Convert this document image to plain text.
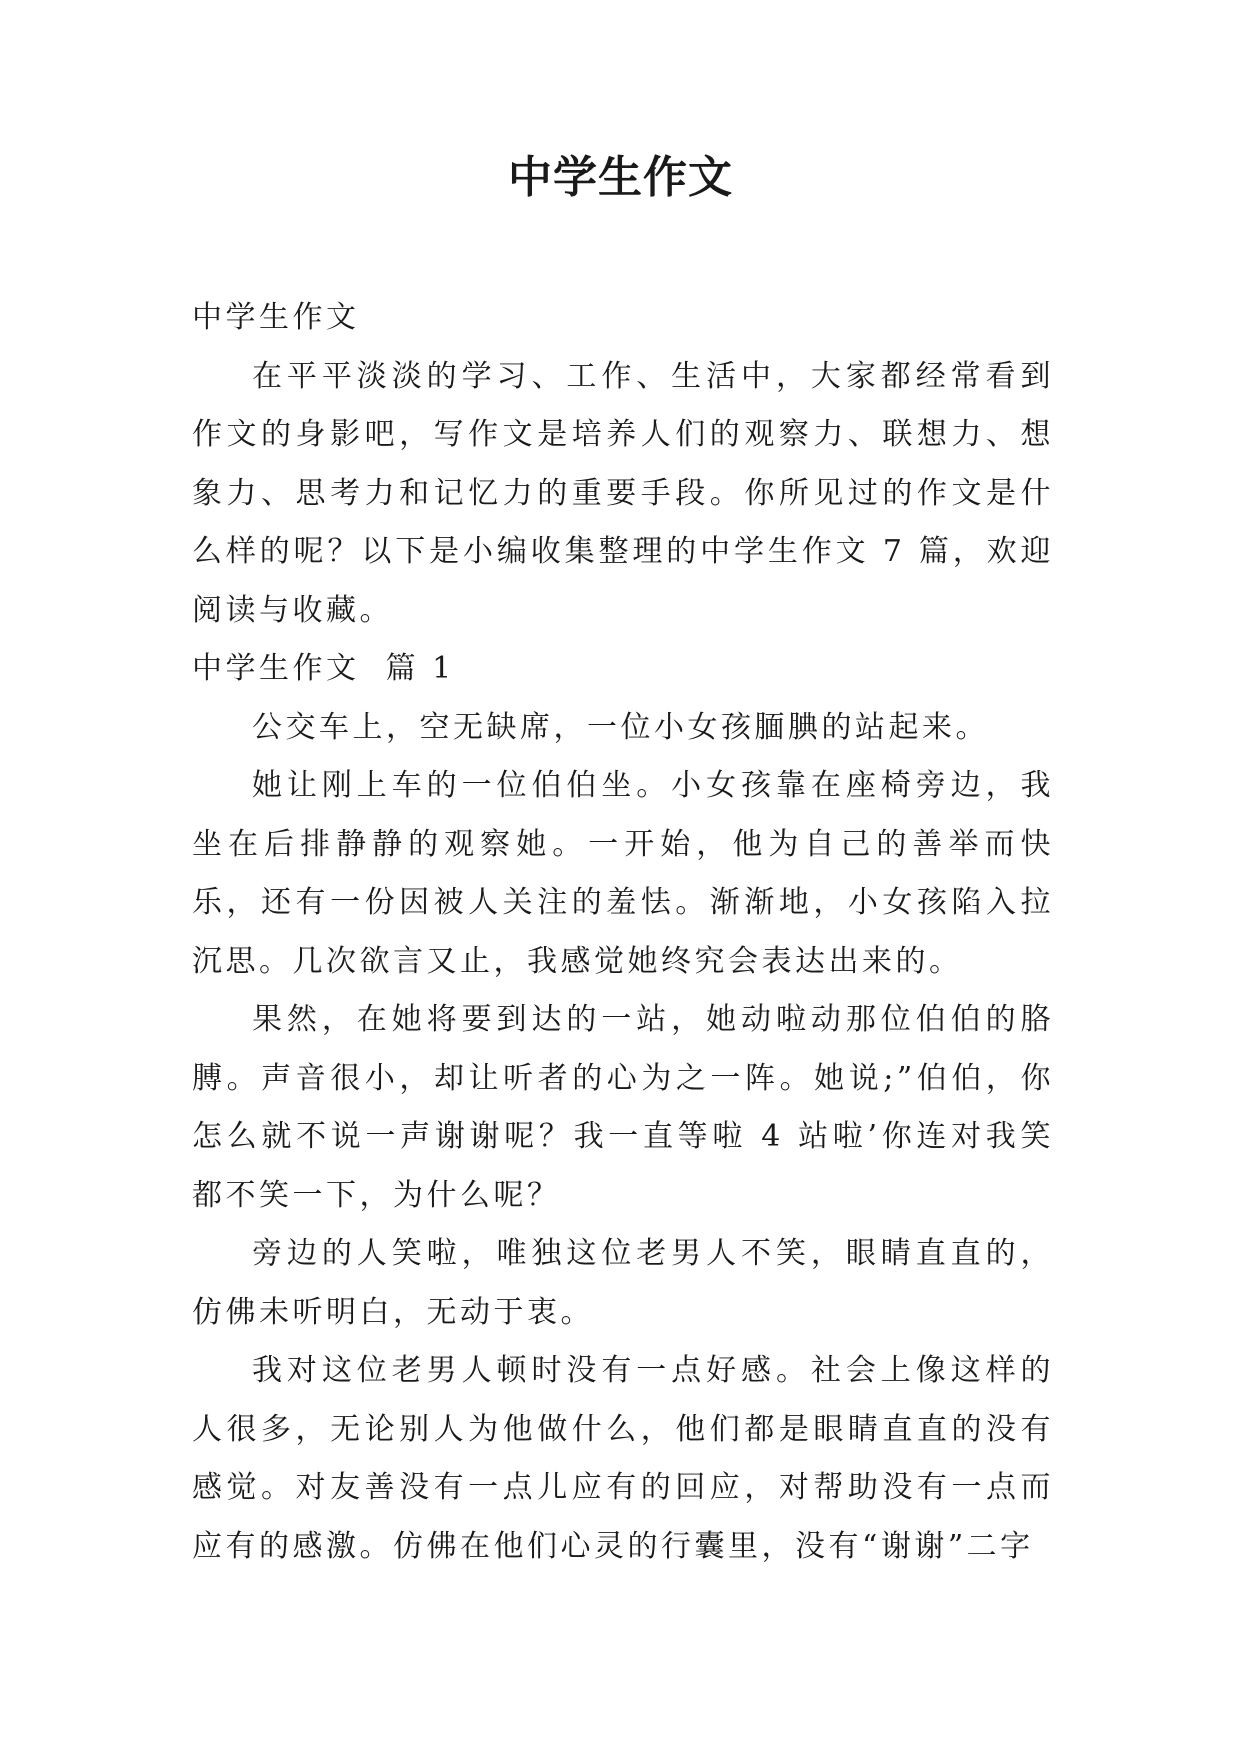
中学生作文

中学生作文

在平平淡淡的学习、工作、生活中，大家都经常看到作文的身影吧，写作文是培养人们的观察力、联想力、想象力、思考力和记忆力的重要手段。你所见过的作文是什么样的呢？以下是小编收集整理的中学生作文 7 篇，欢迎阅读与收藏。

中学生作文  篇 1

公交车上，空无缺席，一位小女孩腼腆的站起来。

她让刚上车的一位伯伯坐。小女孩靠在座椅旁边，我坐在后排静静的观察她。一开始，他为自己的善举而快乐，还有一份因被人关注的羞怯。渐渐地，小女孩陷入拉沉思。几次欲言又止，我感觉她终究会表达出来的。

果然，在她将要到达的一站，她动啦动那位伯伯的胳膊。声音很小，却让听者的心为之一阵。她说;”伯伯，你怎么就不说一声谢谢呢？我一直等啦 4 站啦’你连对我笑都不笑一下，为什么呢？

旁边的人笑啦，唯独这位老男人不笑，眼睛直直的，仿佛未听明白，无动于衷。

我对这位老男人顿时没有一点好感。社会上像这样的人很多，无论别人为他做什么，他们都是眼睛直直的没有感觉。对友善没有一点儿应有的回应，对帮助没有一点而应有的感激。仿佛在他们心灵的行囊里，没有“谢谢”二字
